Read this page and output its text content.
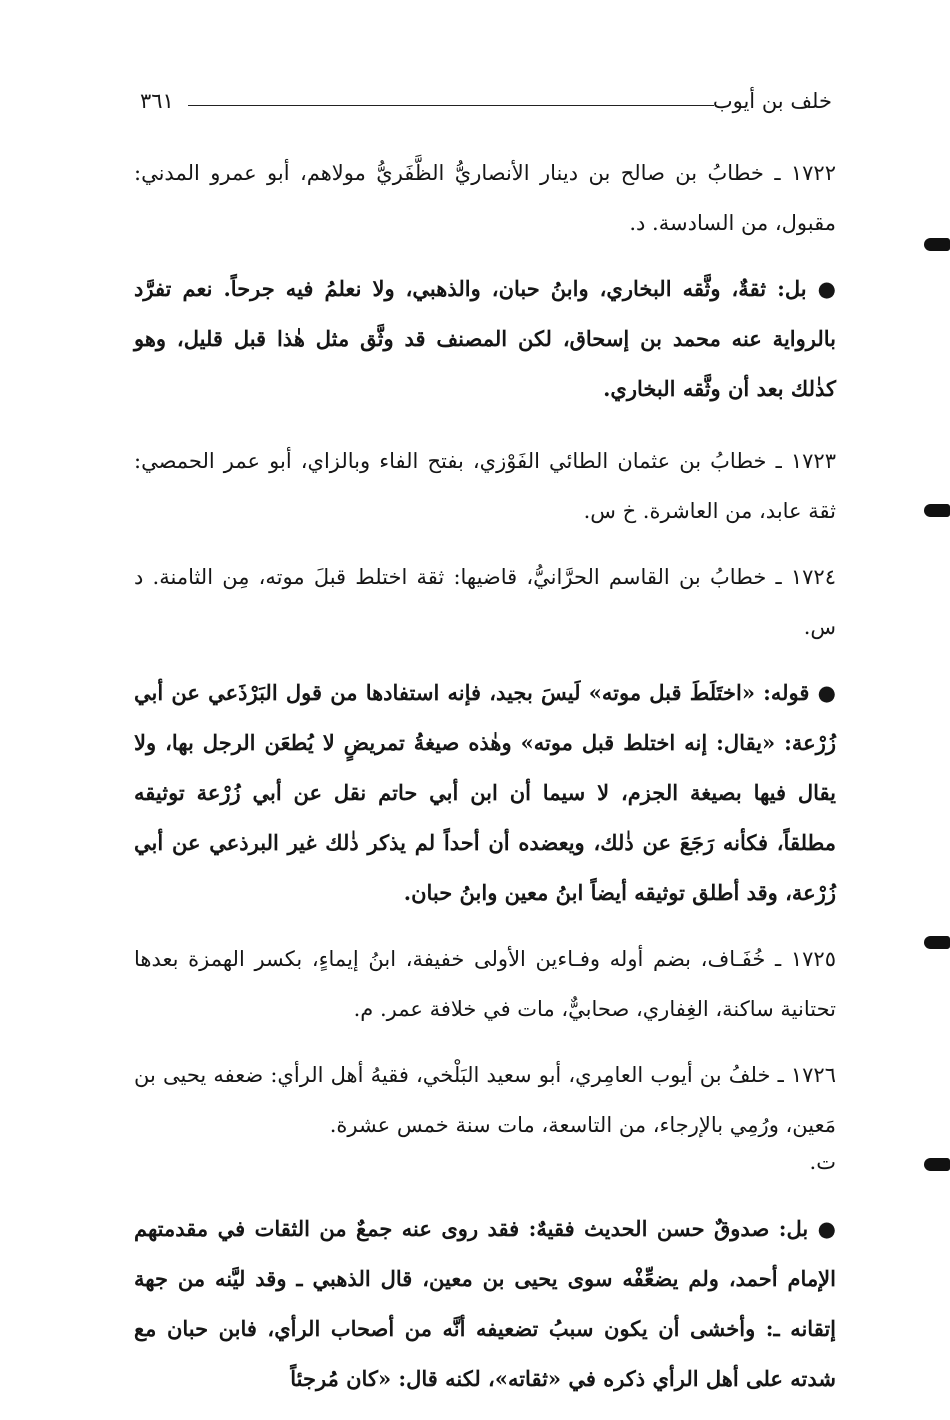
خلف بن أيوب
٣٦١

١٧٢٢ ـ خطابُ بن صالح بن دينار الأنصاريُّ الظَّفَريُّ مولاهم، أبو عمرو المدني: مقبول، من السادسة. د.

● بل: ثقةٌ، وثَّقه البخاري، وابنُ حبان، والذهبي، ولا نعلمُ فيه جرحاً. نعم تفرَّد بالرواية عنه محمد بن إسحاق، لكن المصنف قد وثَّق مثل هٰذا قبل قليل، وهو كذٰلك بعد أن وثَّقه البخاري.

١٧٢٣ ـ خطابُ بن عثمان الطائي الفَوْزي، بفتح الفاء وبالزاي، أبو عمر الحمصي: ثقة عابد، من العاشرة. خ س.

١٧٢٤ ـ خطابُ بن القاسم الحرَّانيُّ، قاضيها: ثقة اختلط قبلَ موته، مِن الثامنة. د س.

● قوله: «اختَلَطَ قبل موته» لَيسَ بجيد، فإنه استفادها من قول البَرْذَعي عن أبي زُرْعة: «يقال: إنه اختلط قبل موته» وهٰذه صيغةُ تمريضٍ لا يُطعَن الرجل بها، ولا يقال فيها بصيغة الجزم، لا سيما أن ابن أبي حاتم نقل عن أبي زُرْعة توثيقه مطلقاً، فكأنه رَجَعَ عن ذٰلك، ويعضده أن أحداً لم يذكر ذٰلك غير البرذعي عن أبي زُرْعة، وقد أطلق توثيقه أيضاً ابنُ معين وابنُ حبان.

١٧٢٥ ـ خُفَـاف، بضم أوله وفـاءين الأولى خفيفة، ابنُ إيماءٍ، بكسر الهمزة بعدها تحتانية ساكنة، الغِفاري، صحابيٌّ، مات في خلافة عمر. م.

١٧٢٦ ـ خلفُ بن أيوب العامِري، أبو سعيد البَلْخي، فقيهُ أهل الرأي: ضعفه يحيى بن مَعين، ورُمِي بالإرجاء، من التاسعة، مات سنة خمس عشرة.

ت.

● بل: صدوقٌ حسن الحديث فقيهٌ: فقد روى عنه جمعٌ من الثقات في مقدمتهم الإمام أحمد، ولم يضعِّفْه سوى يحيى بن معين، قال الذهبي ـ وقد ليَّنه من جهة إتقانه ـ: وأخشى أن يكون سببُ تضعيفه أنَّه من أصحاب الرأي، فابن حبان مع شدته على أهل الرأي ذكره في «ثقاته»، لكنه قال: «كان مُرجئاً
